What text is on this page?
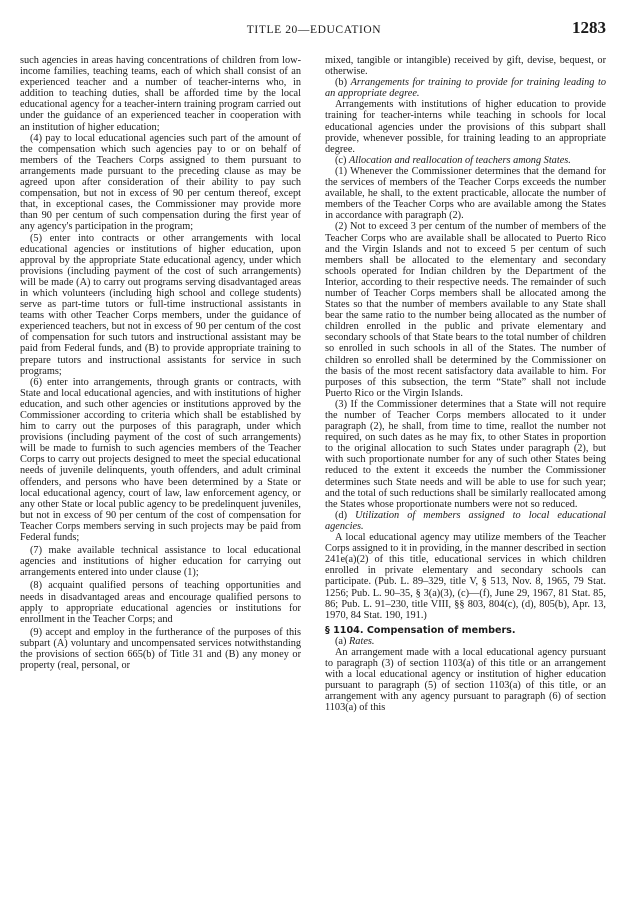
TITLE 20—EDUCATION	1283

such agencies in areas having concentrations of children from low-income families, teaching teams, each of which shall consist of an experienced teacher and a number of teacher-interns who, in addition to teaching duties, shall be afforded time by the local educational agency for a teacher-intern training program carried out under the guidance of an experienced teacher in cooperation with an institution of higher education;

(4) pay to local educational agencies such part of the amount of the compensation which such agencies pay to or on behalf of members of the Teachers Corps assigned to them pursuant to arrangements made pursuant to the preceding clause as may be agreed upon after consideration of their ability to pay such compensation, but not in excess of 90 per centum thereof, except that, in exceptional cases, the Commissioner may provide more than 90 per centum of such compensation during the first year of any agency's participation in the program;

(5) enter into contracts or other arrangements with local educational agencies or institutions of higher education, upon approval by the appropriate State educational agency, under which provisions (including payment of the cost of such arrangements) will be made (A) to carry out programs serving disadvantaged areas in which volunteers (including high school and college students) serve as part-time tutors or full-time instructional assistants in teams with other Teacher Corps members, under the guidance of experienced teachers, but not in excess of 90 per centum of the cost of compensation for such tutors and instructional assistant may be paid from Federal funds, and (B) to provide appropriate training to prepare tutors and instructional assistants for service in such programs;

(6) enter into arrangements, through grants or contracts, with State and local educational agencies, and with institutions of higher education, and such other agencies or institutions approved by the Commissioner according to criteria which shall be established by him to carry out the purposes of this paragraph, under which provisions (including payment of the cost of such arrangements) will be made to furnish to such agencies members of the Teacher Corps to carry out projects designed to meet the special educational needs of juvenile delinquents, youth offenders, and adult criminal offenders, and persons who have been determined by a State or local educational agency, court of law, law enforcement agency, or any other State or local public agency to be predelinquent juveniles, but not in excess of 90 per centum of the cost of compensation for Teacher Corps members serving in such projects may be paid from Federal funds;

(7) make available technical assistance to local educational agencies and institutions of higher education for carrying out arrangements entered into under clause (1);

(8) acquaint qualified persons of teaching opportunities and needs in disadvantaged areas and encourage qualified persons to apply to appropriate educational agencies or institutions for enrollment in the Teacher Corps; and

(9) accept and employ in the furtherance of the purposes of this subpart (A) voluntary and uncompensated services notwithstanding the provisions of section 665(b) of Title 31 and (B) any money or property (real, personal, or

mixed, tangible or intangible) received by gift, devise, bequest, or otherwise.

(b) Arrangements for training to provide for training leading to an appropriate degree.

Arrangements with institutions of higher education to provide training for teacher-interns while teaching in schools for local educational agencies under the provisions of this subpart shall provide, whenever possible, for training leading to an appropriate degree.

(c) Allocation and reallocation of teachers among States.

(1) Whenever the Commissioner determines that the demand for the services of members of the Teacher Corps exceeds the number available, he shall, to the extent practicable, allocate the number of members of the Teacher Corps who are available among the States in accordance with paragraph (2).

(2) Not to exceed 3 per centum of the number of members of the Teacher Corps who are available shall be allocated to Puerto Rico and the Virgin Islands and not to exceed 5 per centum of such members shall be allocated to the elementary and secondary schools operated for Indian children by the Department of the Interior, according to their respective needs. The remainder of such number of Teacher Corps members shall be allocated among the States so that the number of members available to any State shall bear the same ratio to the number being allocated as the number of children enrolled in the public and private elementary and secondary schools of that State bears to the total number of children so enrolled in such schools in all of the States. The number of children so enrolled shall be determined by the Commissioner on the basis of the most recent satisfactory data available to him. For purposes of this subsection, the term “State” shall not include Puerto Rico or the Virgin Islands.

(3) If the Commissioner determines that a State will not require the number of Teacher Corps members allocated to it under paragraph (2), he shall, from time to time, reallot the number not required, on such dates as he may fix, to other States in proportion to the original allocation to such States under paragraph (2), but with such proportionate number for any of such other States being reduced to the extent it exceeds the number the Commissioner determines such State needs and will be able to use for such year; and the total of such reductions shall be similarly reallocated among the States whose proportionate numbers were not so reduced.

(d) Utilization of members assigned to local educational agencies.

A local educational agency may utilize members of the Teacher Corps assigned to it in providing, in the manner described in section 241e(a)(2) of this title, educational services in which children enrolled in private elementary and secondary schools can participate. (Pub. L. 89–329, title V, § 513, Nov. 8, 1965, 79 Stat. 1256; Pub. L. 90–35, § 3(a)(3), (c)—(f), June 29, 1967, 81 Stat. 85, 86; Pub. L. 91–230, title VIII, §§ 803, 804(c), (d), 805(b), Apr. 13, 1970, 84 Stat. 190, 191.)

§ 1104. Compensation of members.

(a) Rates.

An arrangement made with a local educational agency pursuant to paragraph (3) of section 1103(a) of this title or an arrangement with a local educational agency or institution of higher education pursuant to paragraph (5) of section 1103(a) of this title, or an arrangement with any agency pursuant to paragraph (6) of section 1103(a) of this
